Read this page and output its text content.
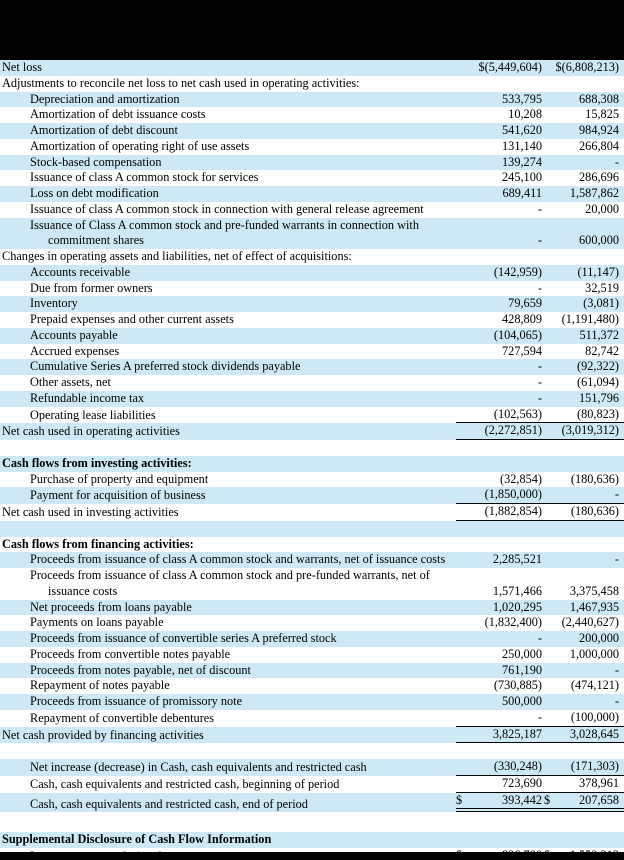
Net loss	$(5,449,604)	$(6,808,213)

Adjustments to reconcile net loss to net cash used in operating activities:		

Depreciation and amortization	533,795	688,308

Amortization of debt issuance costs	10,208	15,825

Amortization of debt discount	541,620	984,924

Amortization of operating right of use assets	131,140	266,804

Stock-based compensation	139,274	-

Issuance of class A common stock for services	245,100	286,696

Loss on debt modification	689,411	1,587,862

Issuance of class A common stock in connection with general release agreement	-	20,000

Issuance of Class A common stock and pre-funded warrants in connection with
commitment shares	-	600,000

Changes in operating assets and liabilities, net of effect of acquisitions:		

Accounts receivable	(142,959)	(11,147)

Due from former owners	-	32,519

Inventory	79,659	(3,081)

Prepaid expenses and other current assets	428,809	(1,191,480)

Accounts payable	(104,065)	511,372

Accrued expenses	727,594	82,742

Cumulative Series A preferred stock dividends payable	-	(92,322)

Other assets, net	-	(61,094)

Refundable income tax	-	151,796

Operating lease liabilities	(102,563)	(80,823)

Net cash used in operating activities	(2,272,851)	(3,019,312)

Cash flows from investing activities:		

Purchase of property and equipment	(32,854)	(180,636)

Payment for acquisition of business	(1,850,000)	-

Net cash used in investing activities	(1,882,854)	(180,636)

Cash flows from financing activities:		

Proceeds from issuance of class A common stock and warrants, net of issuance costs	2,285,521	-

Proceeds from issuance of class A common stock and pre-funded warrants, net of
issuance costs	1,571,466	3,375,458

Net proceeds from loans payable	1,020,295	1,467,935

Payments on loans payable	(1,832,400)	(2,440,627)

Proceeds from issuance of convertible series A preferred stock	-	200,000

Proceeds from convertible notes payable	250,000	1,000,000

Proceeds from notes payable, net of discount	761,190	-

Repayment of notes payable	(730,885)	(474,121)

Proceeds from issuance of promissory note	500,000	-

Repayment of convertible debentures	-	(100,000)

Net cash provided by financing activities	3,825,187	3,028,645

Net increase (decrease) in Cash, cash equivalents and restricted cash	(330,248)	(171,303)

Cash, cash equivalents and restricted cash, beginning of period	723,690	378,961

Cash, cash equivalents and restricted cash, end of period	$ 393,442	$ 207,658

Supplemental Disclosure of Cash Flow Information		
